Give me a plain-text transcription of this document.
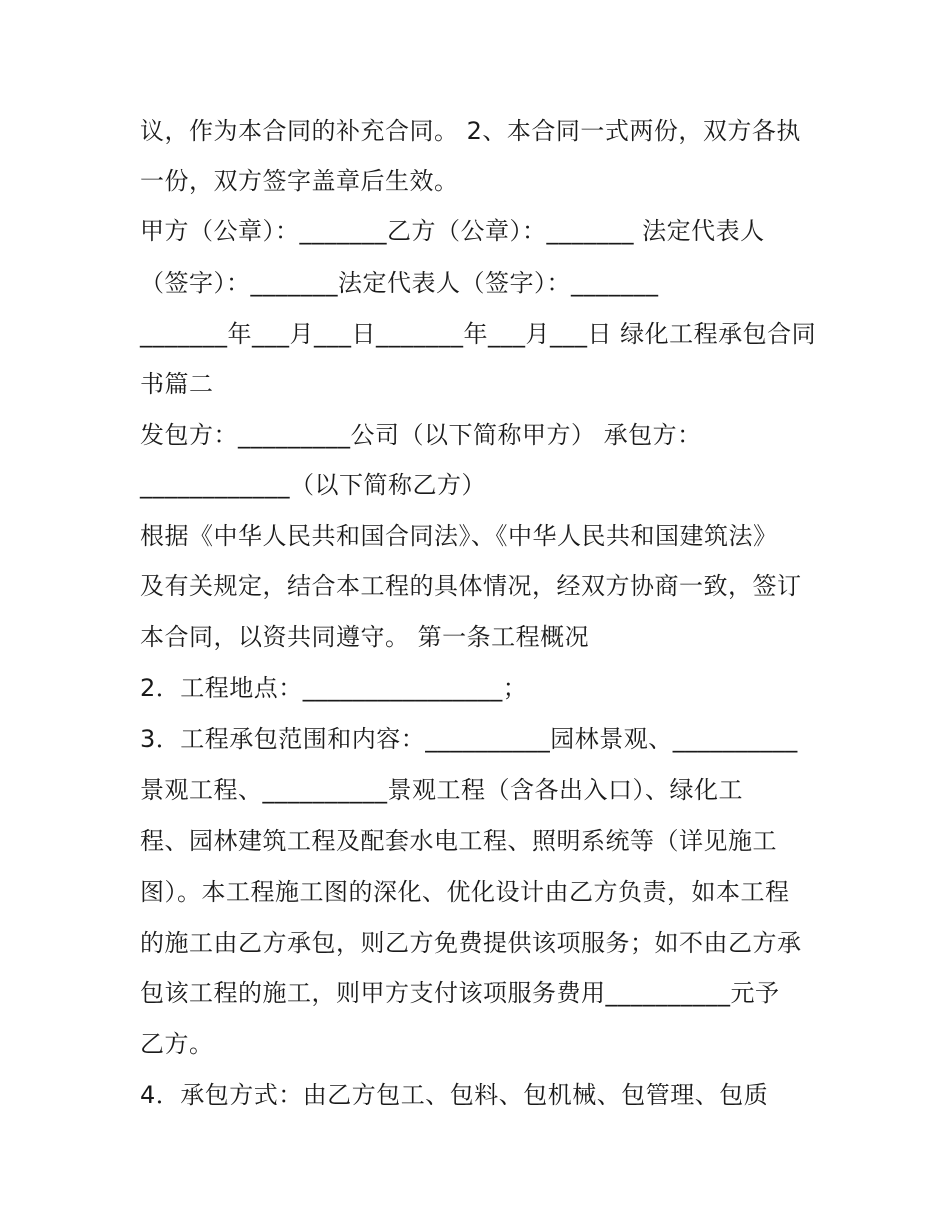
议，作为本合同的补充合同。 2、本合同一式两份，双方各执
一份，双方签字盖章后生效。
甲方（公章）：_______乙方（公章）：_______ 法定代表人
（签字）：_______法定代表人（签字）：_______
_______年___月___日_______年___月___日 绿化工程承包合同
书篇二
发包方：_________公司（以下简称甲方） 承包方：
____________（以下简称乙方）
根据《中华人民共和国合同法》、《中华人民共和国建筑法》
及有关规定，结合本工程的具体情况，经双方协商一致，签订
本合同，以资共同遵守。 第一条工程概况
2．工程地点：________________；
3．工程承包范围和内容：__________园林景观、__________
景观工程、__________景观工程（含各出入口）、绿化工
程、园林建筑工程及配套水电工程、照明系统等（详见施工
图）。本工程施工图的深化、优化设计由乙方负责，如本工程
的施工由乙方承包，则乙方免费提供该项服务；如不由乙方承
包该工程的施工，则甲方支付该项服务费用__________元予
乙方。
4．承包方式：由乙方包工、包料、包机械、包管理、包质
